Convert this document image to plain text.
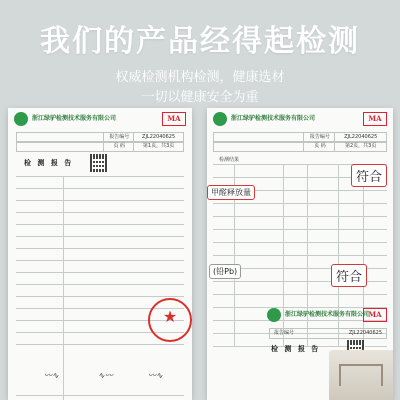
我们的产品经得起检测
权威检测机构检测，健康选材
一切以健康安全为重
浙江绿驴检测技术服务有限公司	MA
报告编号	ZJL22040625
页 码	第1页，共3页
检 测 报 告
★
〰∿	∿〰	〰∿
浙江绿驴检测技术服务有限公司	MA
报告编号	ZJL22040625
页 码	第2页，共3页
检测结果
符合
甲醛释放量
(铅Pb)	符合
浙江绿驴检测技术服务有限公司 MA
报告编号	ZJL22040625
检 测 报 告
